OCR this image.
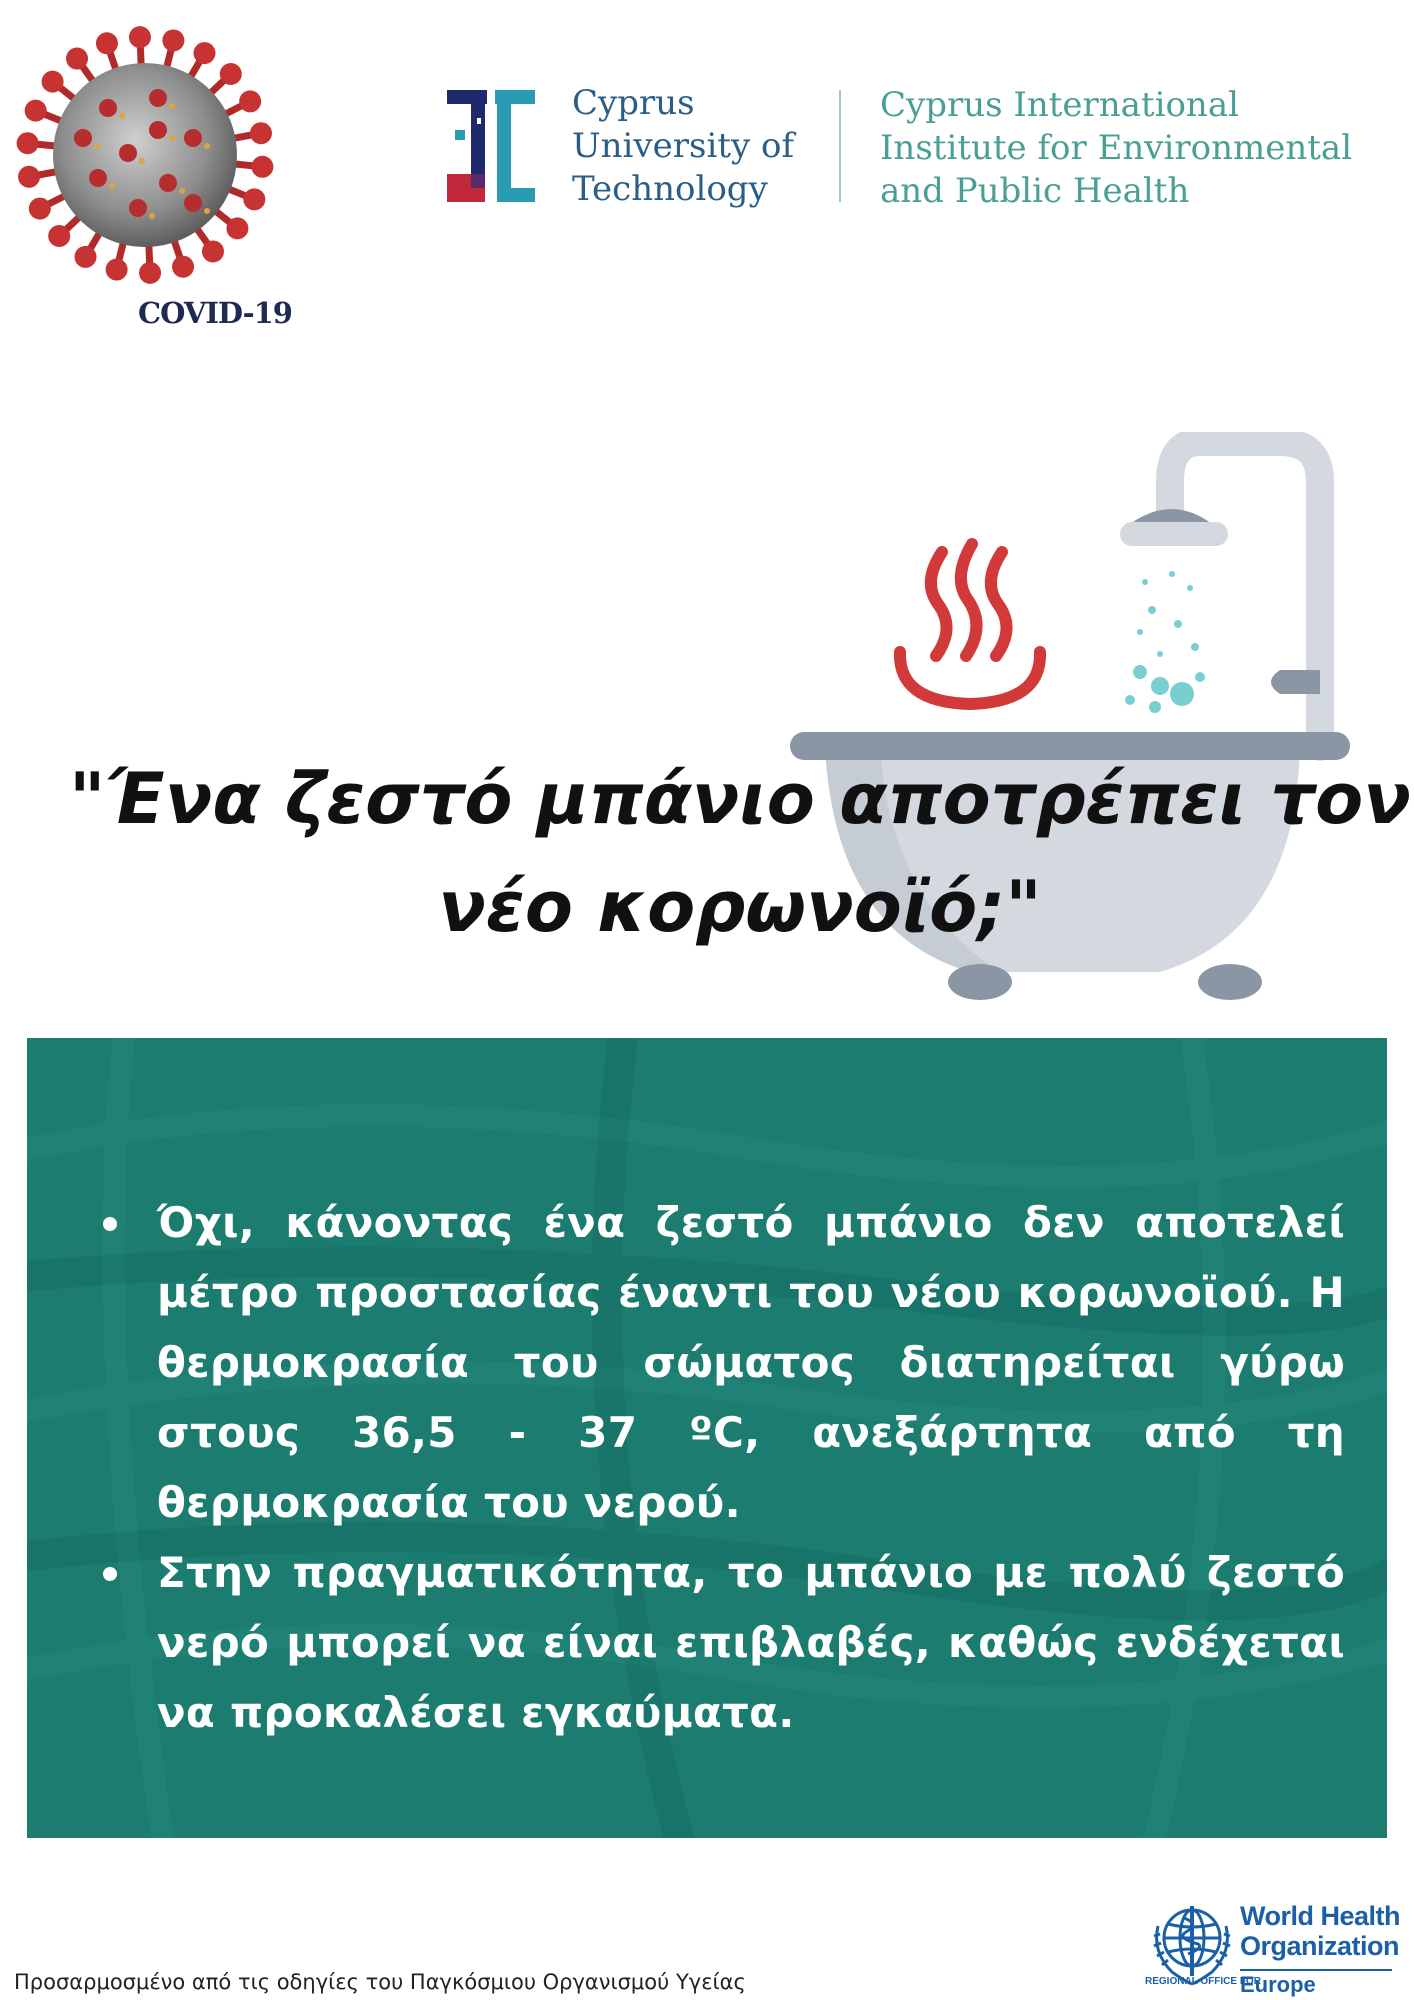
COVID-19
Cyprus
University of
Technology
Cyprus International
Institute for Environmental
and Public Health
"Ένα ζεστό μπάνιο αποτρέπει τον
νέο κορωνοϊό;"
Όχι, κάνοντας ένα ζεστό μπάνιο δεν αποτελεί μέτρο προστασίας έναντι του νέου κορωνοϊού. Η θερμοκρασία του σώματος διατηρείται γύρω στους 36,5 - 37 ºC, ανεξάρτητα από τη θερμοκρασία του νερού.
Στην πραγματικότητα, το μπάνιο με πολύ ζεστό νερό μπορεί να είναι επιβλαβές, καθώς ενδέχεται να προκαλέσει εγκαύματα.
World Health
Organization
REGIONAL OFFICE FOR
Europe
Προσαρμοσμένο από τις οδηγίες του Παγκόσμιου Οργανισμού Υγείας
